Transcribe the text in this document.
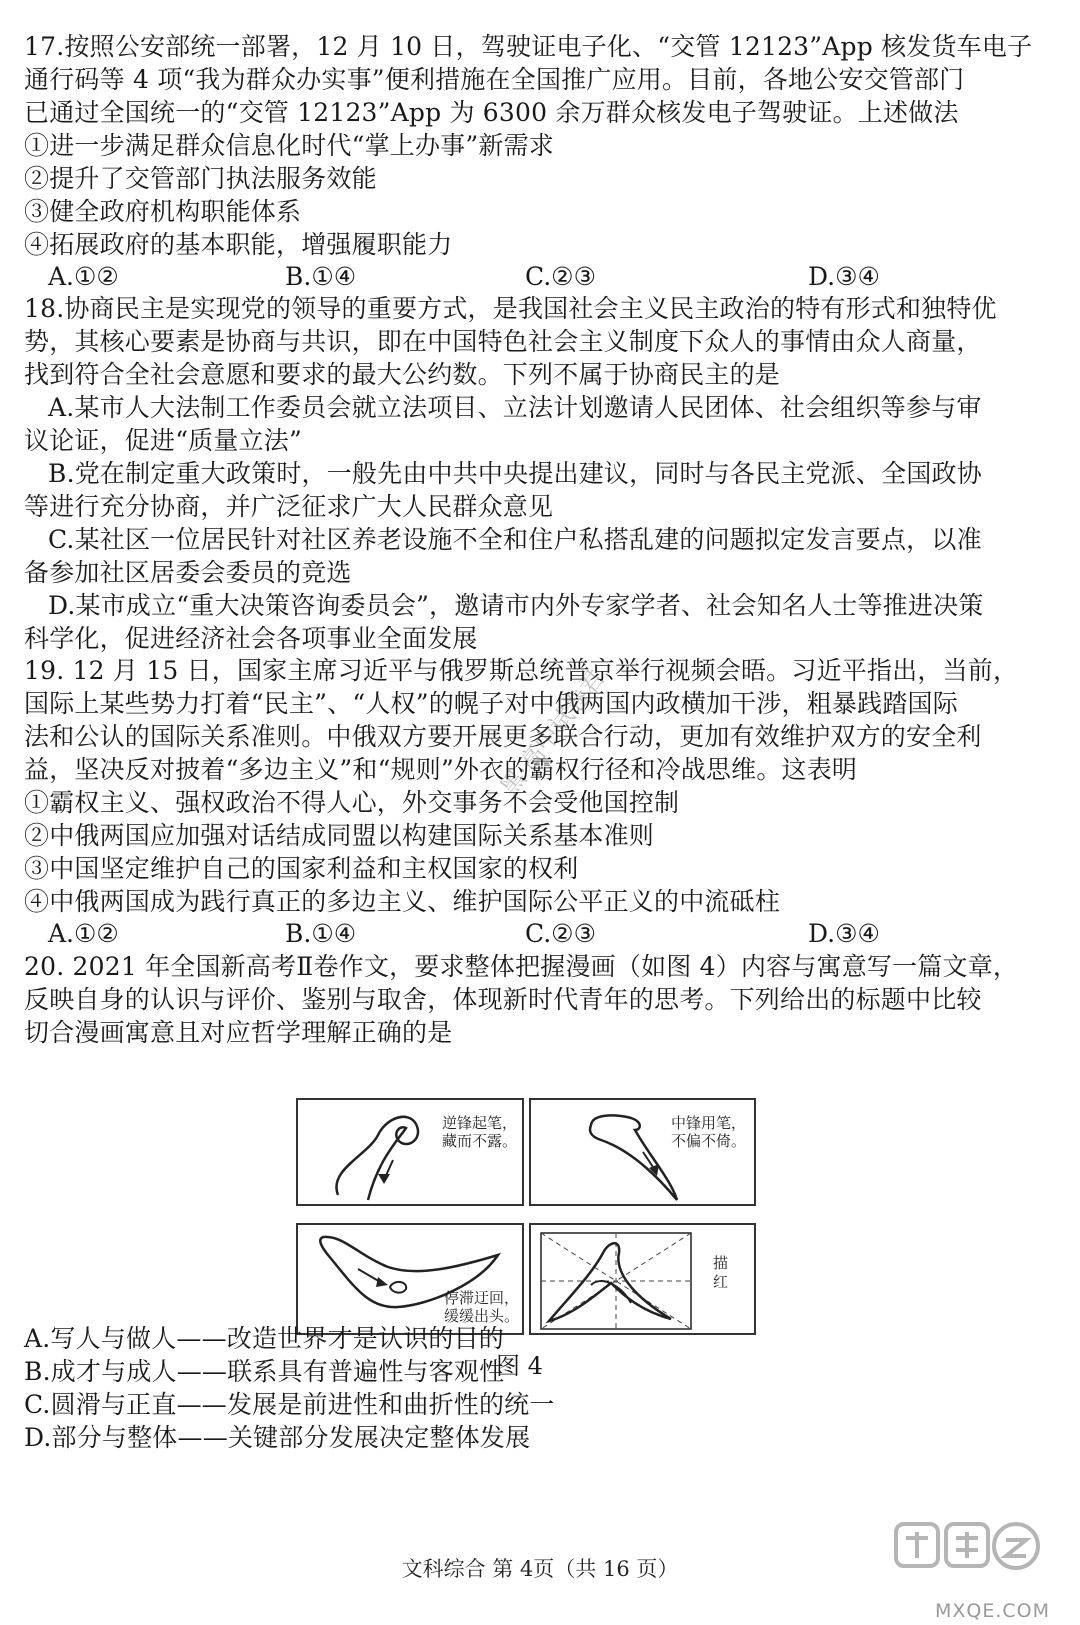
17.按照公安部统一部署，12 月 10 日，驾驶证电子化、“交管 12123”App 核发货车电子
通行码等 4 项“我为群众办实事”便利措施在全国推广应用。目前，各地公安交管部门
已通过全国统一的“交管 12123”App 为 6300 余万群众核发电子驾驶证。上述做法
①进一步满足群众信息化时代“掌上办事”新需求
②提升了交管部门执法服务效能
③健全政府机构职能体系
④拓展政府的基本职能，增强履职能力
A.①②	B.①④	C.②③	D.③④
18.协商民主是实现党的领导的重要方式，是我国社会主义民主政治的特有形式和独特优
势，其核心要素是协商与共识，即在中国特色社会主义制度下众人的事情由众人商量，
找到符合全社会意愿和要求的最大公约数。下列不属于协商民主的是
A.某市人大法制工作委员会就立法项目、立法计划邀请人民团体、社会组织等参与审
议论证，促进“质量立法”
B.党在制定重大政策时，一般先由中共中央提出建议，同时与各民主党派、全国政协
等进行充分协商，并广泛征求广大人民群众意见
C.某社区一位居民针对社区养老设施不全和住户私搭乱建的问题拟定发言要点，以准
备参加社区居委会委员的竞选
D.某市成立“重大决策咨询委员会”，邀请市内外专家学者、社会知名人士等推进决策
科学化，促进经济社会各项事业全面发展
19. 12 月 15 日，国家主席习近平与俄罗斯总统普京举行视频会晤。习近平指出，当前，
国际上某些势力打着“民主”、“人权”的幌子对中俄两国内政横加干涉，粗暴践踏国际
法和公认的国际关系准则。中俄双方要开展更多联合行动，更加有效维护双方的安全利
益，坚决反对披着“多边主义”和“规则”外衣的霸权行径和冷战思维。这表明
①霸权主义、强权政治不得人心，外交事务不会受他国控制
②中俄两国应加强对话结成同盟以构建国际关系基本准则
③中国坚定维护自己的国家利益和主权国家的权利
④中俄两国成为践行真正的多边主义、维护国际公平正义的中流砥柱
A.①②	B.①④	C.②③	D.③④
20. 2021 年全国新高考Ⅱ卷作文，要求整体把握漫画（如图 4）内容与寓意写一篇文章，
反映自身的认识与评价、鉴别与取舍，体现新时代青年的思考。下列给出的标题中比较
切合漫画寓意且对应哲学理解正确的是
逆锋起笔，
藏而不露。
中锋用笔，
不偏不倚。
停滞迂回，
缓缓出头。
描红
图 4
A.写人与做人——改造世界才是认识的目的
B.成才与成人——联系具有普遍性与客观性
C.圆滑与正直——发展是前进性和曲折性的统一
D.部分与整体——关键部分发展决定整体发展
黑·高中试卷君
文科综合 第 4页（共 16 页）
MXQE.COM
